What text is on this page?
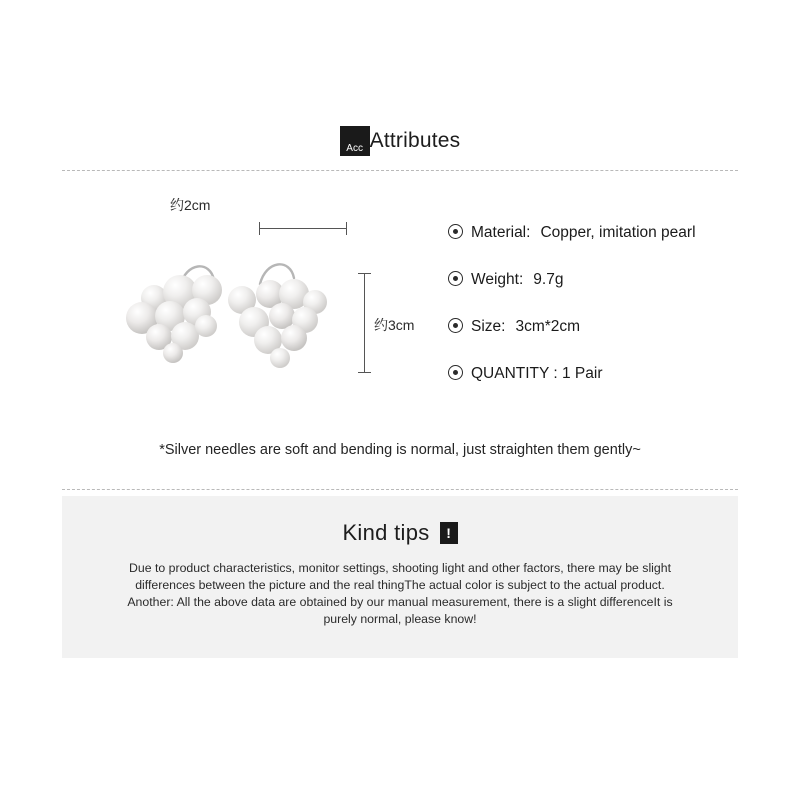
Acc Attributes
约2cm
约3cm
Material: Copper, imitation pearl
Weight: 9.7g
Size: 3cm*2cm
QUANTITY : 1 Pair
*Silver needles are soft and bending is normal, just straighten them gently~
Kind tips	!
Due to product characteristics, monitor settings, shooting light and other factors, there may be slight differences between the picture and the real thingThe actual color is subject to the actual product. Another: All the above data are obtained by our manual measurement, there is a slight differenceIt is purely normal, please know!
